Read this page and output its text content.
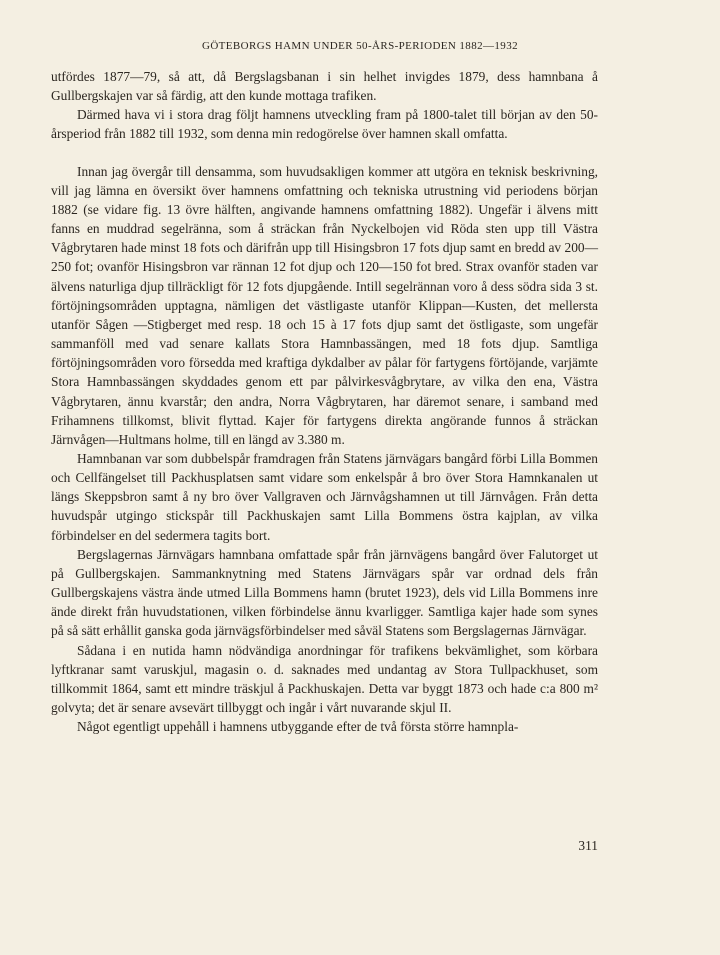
GÖTEBORGS HAMN UNDER 50-ÅRS-PERIODEN 1882—1932

utfördes 1877—79, så att, då Bergslagsbanan i sin helhet invigdes 1879, dess hamnbana å Gullbergskajen var så färdig, att den kunde mottaga trafiken.

Därmed hava vi i stora drag följt hamnens utveckling fram på 1800-talet till början av den 50-årsperiod från 1882 till 1932, som denna min redogörelse över hamnen skall omfatta.

Innan jag övergår till densamma, som huvudsakligen kommer att utgöra en teknisk beskrivning, vill jag lämna en översikt över hamnens omfattning och tekniska utrustning vid periodens början 1882 (se vidare fig. 13 övre hälften, angivande hamnens omfattning 1882). Ungefär i älvens mitt fanns en muddrad segelränna, som å sträckan från Nyckelbojen vid Röda sten upp till Västra Vågbrytaren hade minst 18 fots och därifrån upp till Hisingsbron 17 fots djup samt en bredd av 200—250 fot; ovanför Hisingsbron var rännan 12 fot djup och 120—150 fot bred. Strax ovanför staden var älvens naturliga djup tillräckligt för 12 fots djupgående. Intill segelrännan voro å dess södra sida 3 st. förtöjningsområden upptagna, nämligen det västligaste utanför Klippan—Kusten, det mellersta utanför Sågen —Stigberget med resp. 18 och 15 à 17 fots djup samt det östligaste, som ungefär sammanföll med vad senare kallats Stora Hamnbassängen, med 18 fots djup. Samtliga förtöjningsområden voro försedda med kraftiga dykdalber av pålar för fartygens förtöjande, varjämte Stora Hamnbassängen skyddades genom ett par pålvirkesvågbrytare, av vilka den ena, Västra Vågbrytaren, ännu kvarstår; den andra, Norra Vågbrytaren, har däremot senare, i samband med Frihamnens tillkomst, blivit flyttad. Kajer för fartygens direkta angörande funnos å sträckan Järnvågen—Hultmans holme, till en längd av 3.380 m.

Hamnbanan var som dubbelspår framdragen från Statens järnvägars bangård förbi Lilla Bommen och Cellfängelset till Packhusplatsen samt vidare som enkelspår å bro över Stora Hamnkanalen ut längs Skeppsbron samt å ny bro över Vallgraven och Järnvågshamnen ut till Järnvågen. Från detta huvudspår utgingo stickspår till Packhuskajen samt Lilla Bommens östra kajplan, av vilka förbindelser en del sedermera tagits bort.

Bergslagernas Järnvägars hamnbana omfattade spår från järnvägens bangård över Falutorget ut på Gullbergskajen. Sammanknytning med Statens Järnvägars spår var ordnad dels från Gullbergskajens västra ände utmed Lilla Bommens hamn (brutet 1923), dels vid Lilla Bommens inre ände direkt från huvudstationen, vilken förbindelse ännu kvarligger. Samtliga kajer hade som synes på så sätt erhållit ganska goda järnvägsförbindelser med såväl Statens som Bergslagernas Järnvägar.

Sådana i en nutida hamn nödvändiga anordningar för trafikens bekvämlighet, som körbara lyftkranar samt varuskjul, magasin o. d. saknades med undantag av Stora Tullpackhuset, som tillkommit 1864, samt ett mindre träskjul å Packhuskajen. Detta var byggt 1873 och hade c:a 800 m² golvyta; det är senare avsevärt tillbyggt och ingår i vårt nuvarande skjul II.

Något egentligt uppehåll i hamnens utbyggande efter de två första större hamnpla-

311
